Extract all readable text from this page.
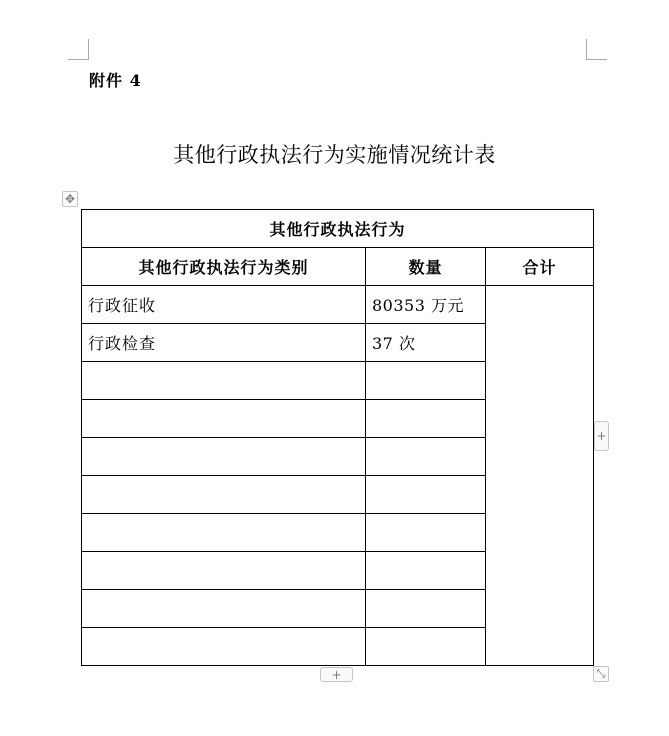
附件 4
其他行政执法行为实施情况统计表
✥
其他行政执法行为		
其他行政执法行为类别	数量	合计
行政征收	80353 万元	
行政检查	37 次	

+
+	⤡
